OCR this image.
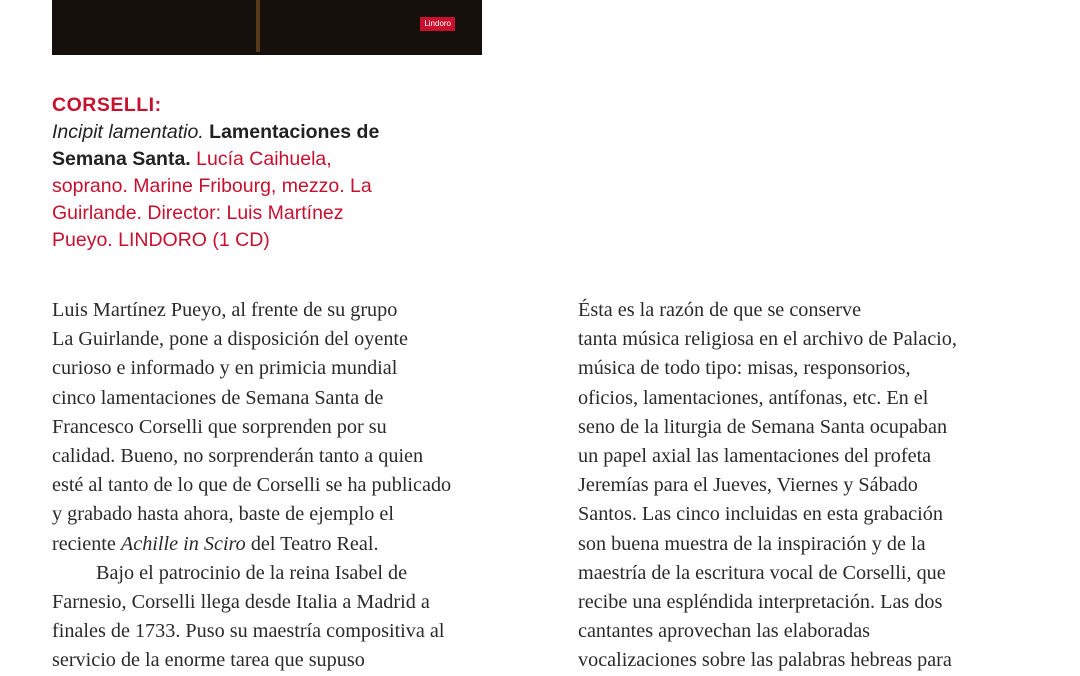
Lindoro
CORSELLI:
Incipit lamentatio. Lamentaciones de
Semana Santa. Lucía Caihuela,
soprano. Marine Fribourg, mezzo. La
Guirlande. Director: Luis Martínez
Pueyo. LINDORO (1 CD)
Luis Martínez Pueyo, al frente de su grupo
La Guirlande, pone a disposición del oyente
curioso e informado y en primicia mundial
cinco lamentaciones de Semana Santa de
Francesco Corselli que sorprenden por su
calidad. Bueno, no sorprenderán tanto a quien
esté al tanto de lo que de Corselli se ha publicado
y grabado hasta ahora, baste de ejemplo el
reciente Achille in Sciro del Teatro Real.
Bajo el patrocinio de la reina Isabel de
Farnesio, Corselli llega desde Italia a Madrid a
finales de 1733. Puso su maestría compositiva al
servicio de la enorme tarea que supuso
Ésta es la razón de que se conserve
tanta música religiosa en el archivo de Palacio,
música de todo tipo: misas, responsorios,
oficios, lamentaciones, antífonas, etc. En el
seno de la liturgia de Semana Santa ocupaban
un papel axial las lamentaciones del profeta
Jeremías para el Jueves, Viernes y Sábado
Santos. Las cinco incluidas en esta grabación
son buena muestra de la inspiración y de la
maestría de la escritura vocal de Corselli, que
recibe una espléndida interpretación. Las dos
cantantes aprovechan las elaboradas
vocalizaciones sobre las palabras hebreas para
